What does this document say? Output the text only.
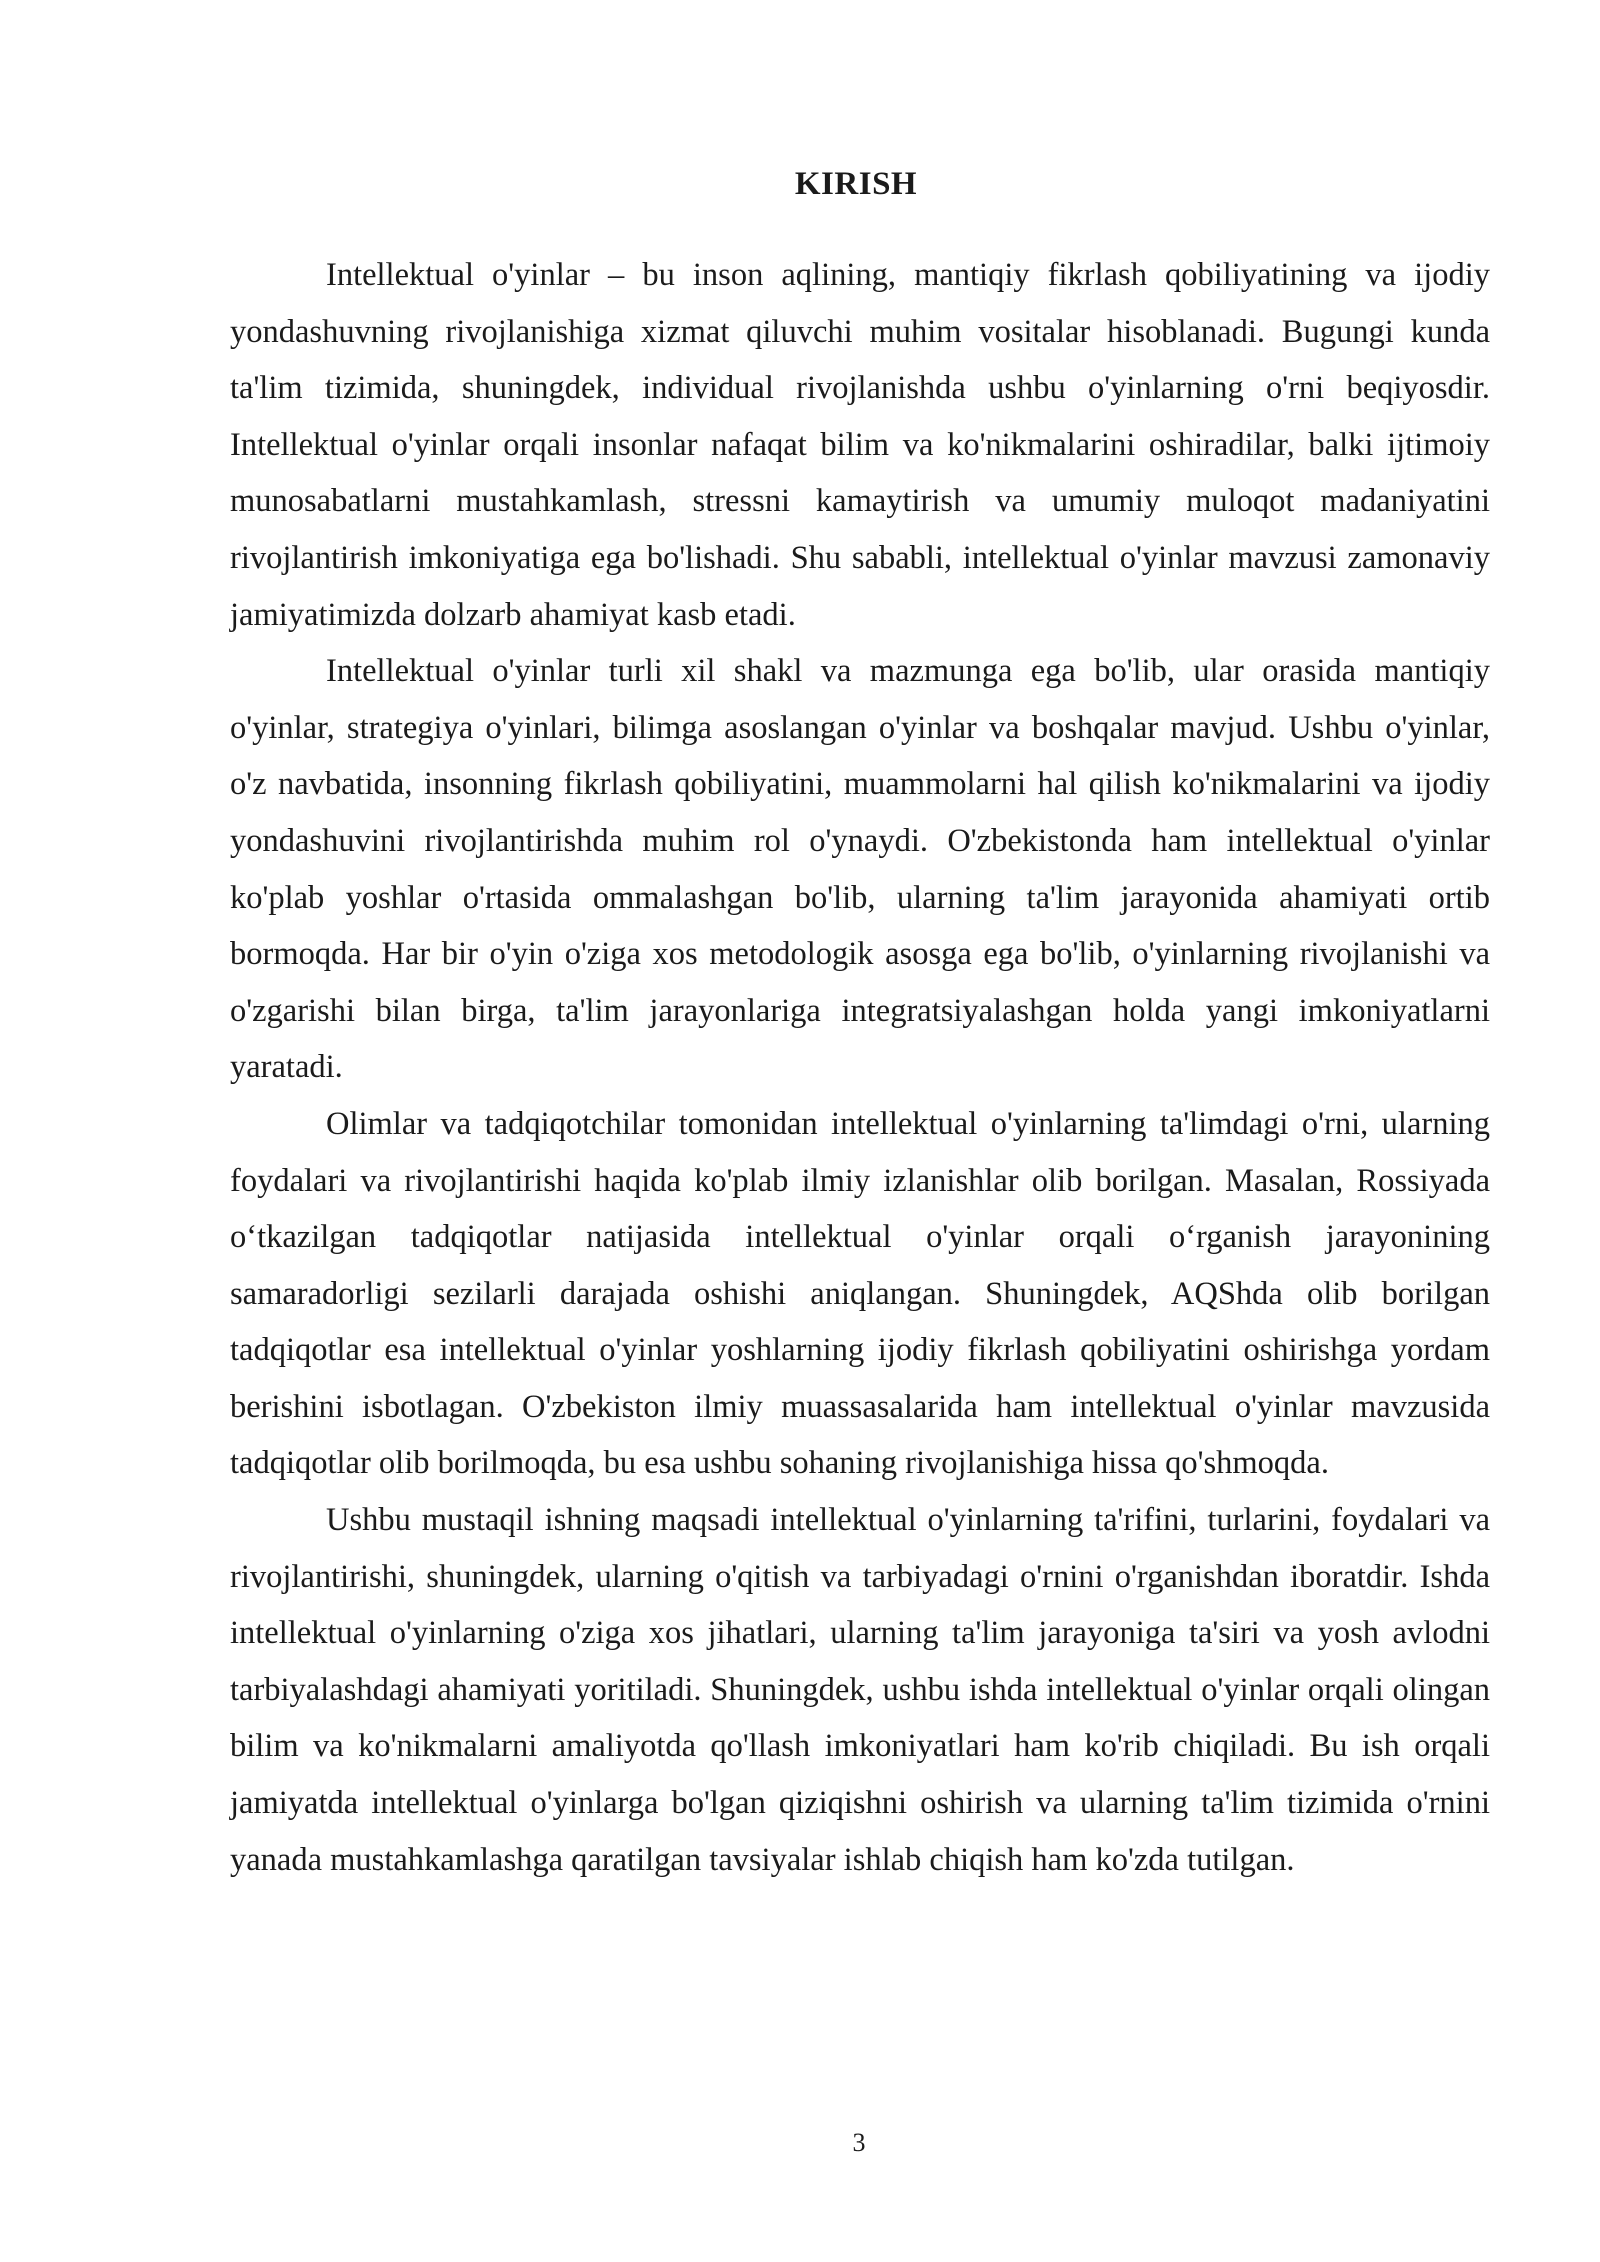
KIRISH

Intellektual o'yinlar – bu inson aqlining, mantiqiy fikrlash qobiliyatining va ijodiy yondashuvning rivojlanishiga xizmat qiluvchi muhim vositalar hisoblanadi. Bugungi kunda ta'lim tizimida, shuningdek, individual rivojlanishda ushbu o'yinlarning o'rni beqiyosdir. Intellektual o'yinlar orqali insonlar nafaqat bilim va ko'nikmalarini oshiradilar, balki ijtimoiy munosabatlarni mustahkamlash, stressni kamaytirish va umumiy muloqot madaniyatini rivojlantirish imkoniyatiga ega bo'lishadi. Shu sababli, intellektual o'yinlar mavzusi zamonaviy jamiyatimizda dolzarb ahamiyat kasb etadi.

Intellektual o'yinlar turli xil shakl va mazmunga ega bo'lib, ular orasida mantiqiy o'yinlar, strategiya o'yinlari, bilimga asoslangan o'yinlar va boshqalar mavjud. Ushbu o'yinlar, o'z navbatida, insonning fikrlash qobiliyatini, muammolarni hal qilish ko'nikmalarini va ijodiy yondashuvini rivojlantirishda muhim rol o'ynaydi. O'zbekistonda ham intellektual o'yinlar ko'plab yoshlar o'rtasida ommalashgan bo'lib, ularning ta'lim jarayonida ahamiyati ortib bormoqda. Har bir o'yin o'ziga xos metodologik asosga ega bo'lib, o'yinlarning rivojlanishi va o'zgarishi bilan birga, ta'lim jarayonlariga integratsiyalashgan holda yangi imkoniyatlarni yaratadi.

Olimlar va tadqiqotchilar tomonidan intellektual o'yinlarning ta'limdagi o'rni, ularning foydalari va rivojlantirishi haqida ko'plab ilmiy izlanishlar olib borilgan. Masalan, Rossiyada o‘tkazilgan tadqiqotlar natijasida intellektual o'yinlar orqali o‘rganish jarayonining samaradorligi sezilarli darajada oshishi aniqlangan. Shuningdek, AQShda olib borilgan tadqiqotlar esa intellektual o'yinlar yoshlarning ijodiy fikrlash qobiliyatini oshirishga yordam berishini isbotlagan. O'zbekiston ilmiy muassasalarida ham intellektual o'yinlar mavzusida tadqiqotlar olib borilmoqda, bu esa ushbu sohaning rivojlanishiga hissa qo'shmoqda.

Ushbu mustaqil ishning maqsadi intellektual o'yinlarning ta'rifini, turlarini, foydalari va rivojlantirishi, shuningdek, ularning o'qitish va tarbiyadagi o'rnini o'rganishdan iboratdir. Ishda intellektual o'yinlarning o'ziga xos jihatlari, ularning ta'lim jarayoniga ta'siri va yosh avlodni tarbiyalashdagi ahamiyati yoritiladi. Shuningdek, ushbu ishda intellektual o'yinlar orqali olingan bilim va ko'nikmalarni amaliyotda qo'llash imkoniyatlari ham ko'rib chiqiladi. Bu ish orqali jamiyatda intellektual o'yinlarga bo'lgan qiziqishni oshirish va ularning ta'lim tizimida o'rnini yanada mustahkamlashga qaratilgan tavsiyalar ishlab chiqish ham ko'zda tutilgan.

3
